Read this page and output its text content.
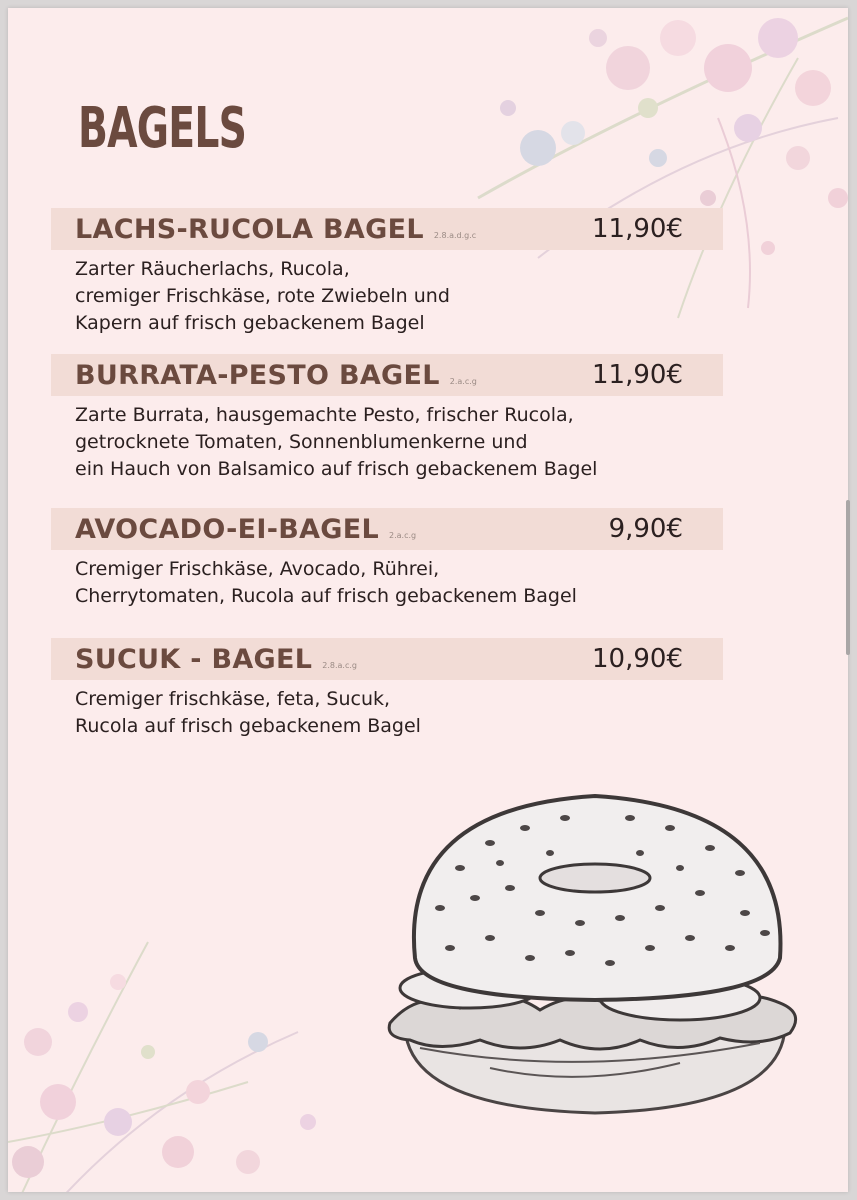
BAGELS
LACHS-RUCOLA BAGEL 2.8.a.d.g.c	11,90€
Zarter Räucherlachs, Rucola,
cremiger Frischkäse, rote Zwiebeln und
Kapern auf frisch gebackenem Bagel
BURRATA-PESTO BAGEL 2.a.c.g	11,90€
Zarte Burrata, hausgemachte Pesto, frischer Rucola,
getrocknete Tomaten, Sonnenblumenkerne und
ein Hauch von Balsamico auf frisch gebackenem Bagel
AVOCADO-EI-BAGEL 2.a.c.g	9,90€
Cremiger Frischkäse, Avocado, Rührei,
Cherrytomaten, Rucola auf frisch gebackenem Bagel
SUCUK - BAGEL 2.8.a.c.g	10,90€
Cremiger frischkäse, feta, Sucuk,
Rucola auf frisch gebackenem Bagel
